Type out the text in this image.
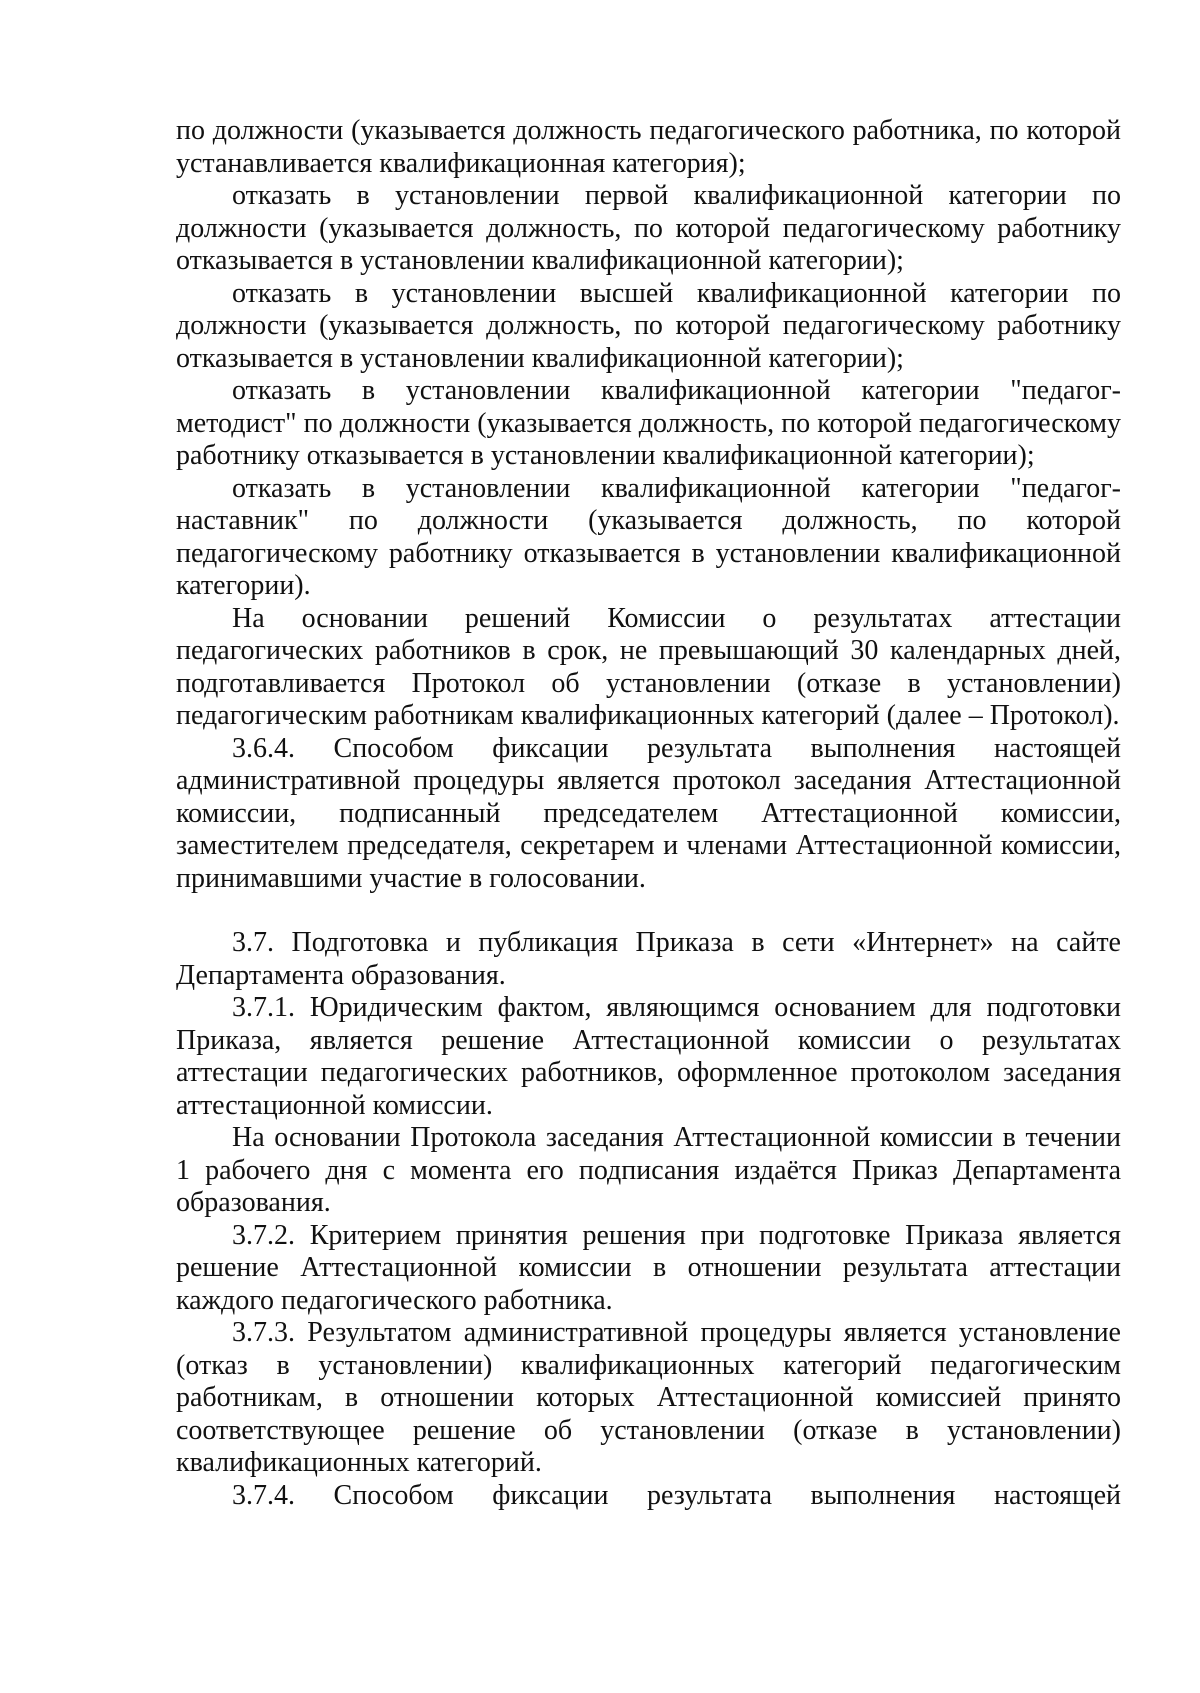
по должности (указывается должность педагогического работника, по которой устанавливается квалификационная категория);

отказать в установлении первой квалификационной категории по должности (указывается должность, по которой педагогическому работнику отказывается в установлении квалификационной категории);

отказать в установлении высшей квалификационной категории по должности (указывается должность, по которой педагогическому работнику отказывается в установлении квалификационной категории);

отказать в установлении квалификационной категории "педагог-методист" по должности (указывается должность, по которой педагогическому работнику отказывается в установлении квалификационной категории);

отказать в установлении квалификационной категории "педагог-наставник" по должности (указывается должность, по которой педагогическому работнику отказывается в установлении квалификационной категории).

На основании решений Комиссии о результатах аттестации педагогических работников в срок, не превышающий 30 календарных дней, подготавливается Протокол об установлении (отказе в установлении) педагогическим работникам квалификационных категорий (далее – Протокол).

3.6.4. Способом фиксации результата выполнения настоящей административной процедуры является протокол заседания Аттестационной комиссии, подписанный председателем Аттестационной комиссии, заместителем председателя, секретарем и членами Аттестационной комиссии, принимавшими участие в голосовании.

3.7. Подготовка и публикация Приказа в сети «Интернет» на сайте Департамента образования.

3.7.1. Юридическим фактом, являющимся основанием для подготовки Приказа, является решение Аттестационной комиссии о результатах аттестации педагогических работников, оформленное протоколом заседания аттестационной комиссии.

На основании Протокола заседания Аттестационной комиссии в течении 1 рабочего дня с момента его подписания издаётся Приказ Департамента образования.

3.7.2. Критерием принятия решения при подготовке Приказа является решение Аттестационной комиссии в отношении результата аттестации каждого педагогического работника.

3.7.3. Результатом административной процедуры является установление (отказ в установлении) квалификационных категорий педагогическим работникам, в отношении которых Аттестационной комиссией принято соответствующее решение об установлении (отказе в установлении) квалификационных категорий.

3.7.4. Способом фиксации результата выполнения настоящей
